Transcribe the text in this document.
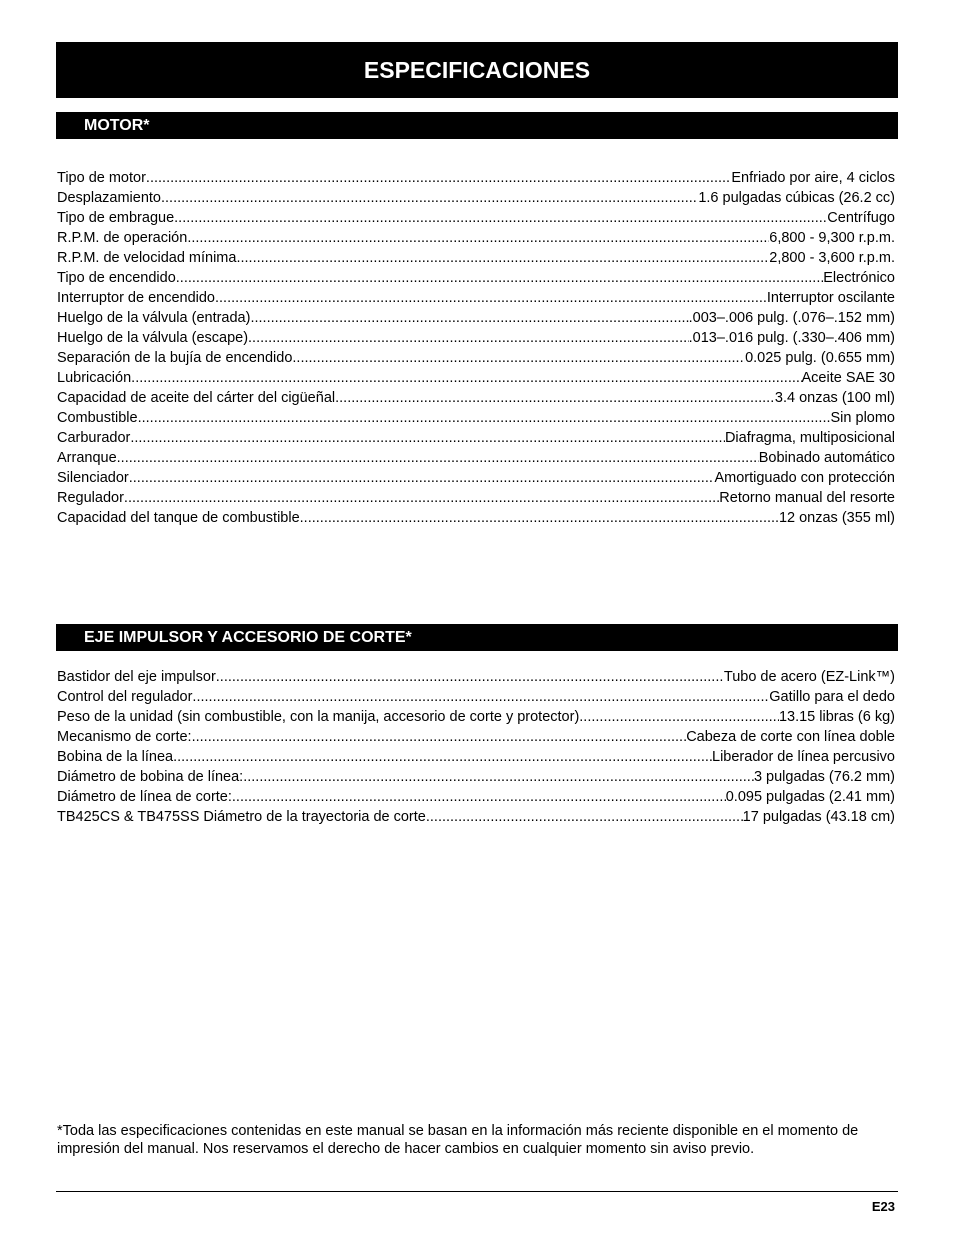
ESPECIFICACIONES
MOTOR*
Tipo de motor .....	Enfriado por aire, 4 ciclos
Desplazamiento .....	1.6 pulgadas cúbicas (26.2 cc)
Tipo de embrague .....	Centrífugo
R.P.M. de operación .....	6,800 - 9,300 r.p.m.
R.P.M. de velocidad mínima .....	2,800 - 3,600 r.p.m.
Tipo de encendido .....	Electrónico
Interruptor de encendido .....	Interruptor oscilante
Huelgo de la válvula (entrada) .....	.003–.006 pulg. (.076–.152 mm)
Huelgo de la válvula (escape) .....	.013–.016 pulg. (.330–.406 mm)
Separación de la bujía de encendido .....	0.025 pulg. (0.655 mm)
Lubricación .....	Aceite SAE 30
Capacidad de aceite del cárter del cigüeñal .....	3.4 onzas (100 ml)
Combustible .....	Sin plomo
Carburador .....	Diafragma, multiposicional
Arranque .....	Bobinado automático
Silenciador .....	Amortiguado con protección
Regulador .....	Retorno manual del resorte
Capacidad del tanque de combustible .....	12 onzas (355 ml)
EJE IMPULSOR Y ACCESORIO DE CORTE*
Bastidor del eje impulsor .....	Tubo de acero (EZ-Link™)
Control del regulador .....	Gatillo para el dedo
Peso de la unidad (sin combustible, con la manija, accesorio de corte y protector) .....	13.15 libras (6 kg)
Mecanismo de corte: .....	Cabeza de corte con línea doble
Bobina de la línea .....	Liberador de línea percusivo
Diámetro de bobina de línea: .....	3 pulgadas (76.2 mm)
Diámetro de línea de corte: .....	0.095 pulgadas (2.41 mm)
TB425CS & TB475SS Diámetro de la trayectoria de corte .....	17 pulgadas (43.18 cm)
*Toda las especificaciones contenidas en este manual se basan en la información más reciente disponible en el momento de impresión del manual. Nos reservamos el derecho de hacer cambios en cualquier momento sin aviso previo.
E23
